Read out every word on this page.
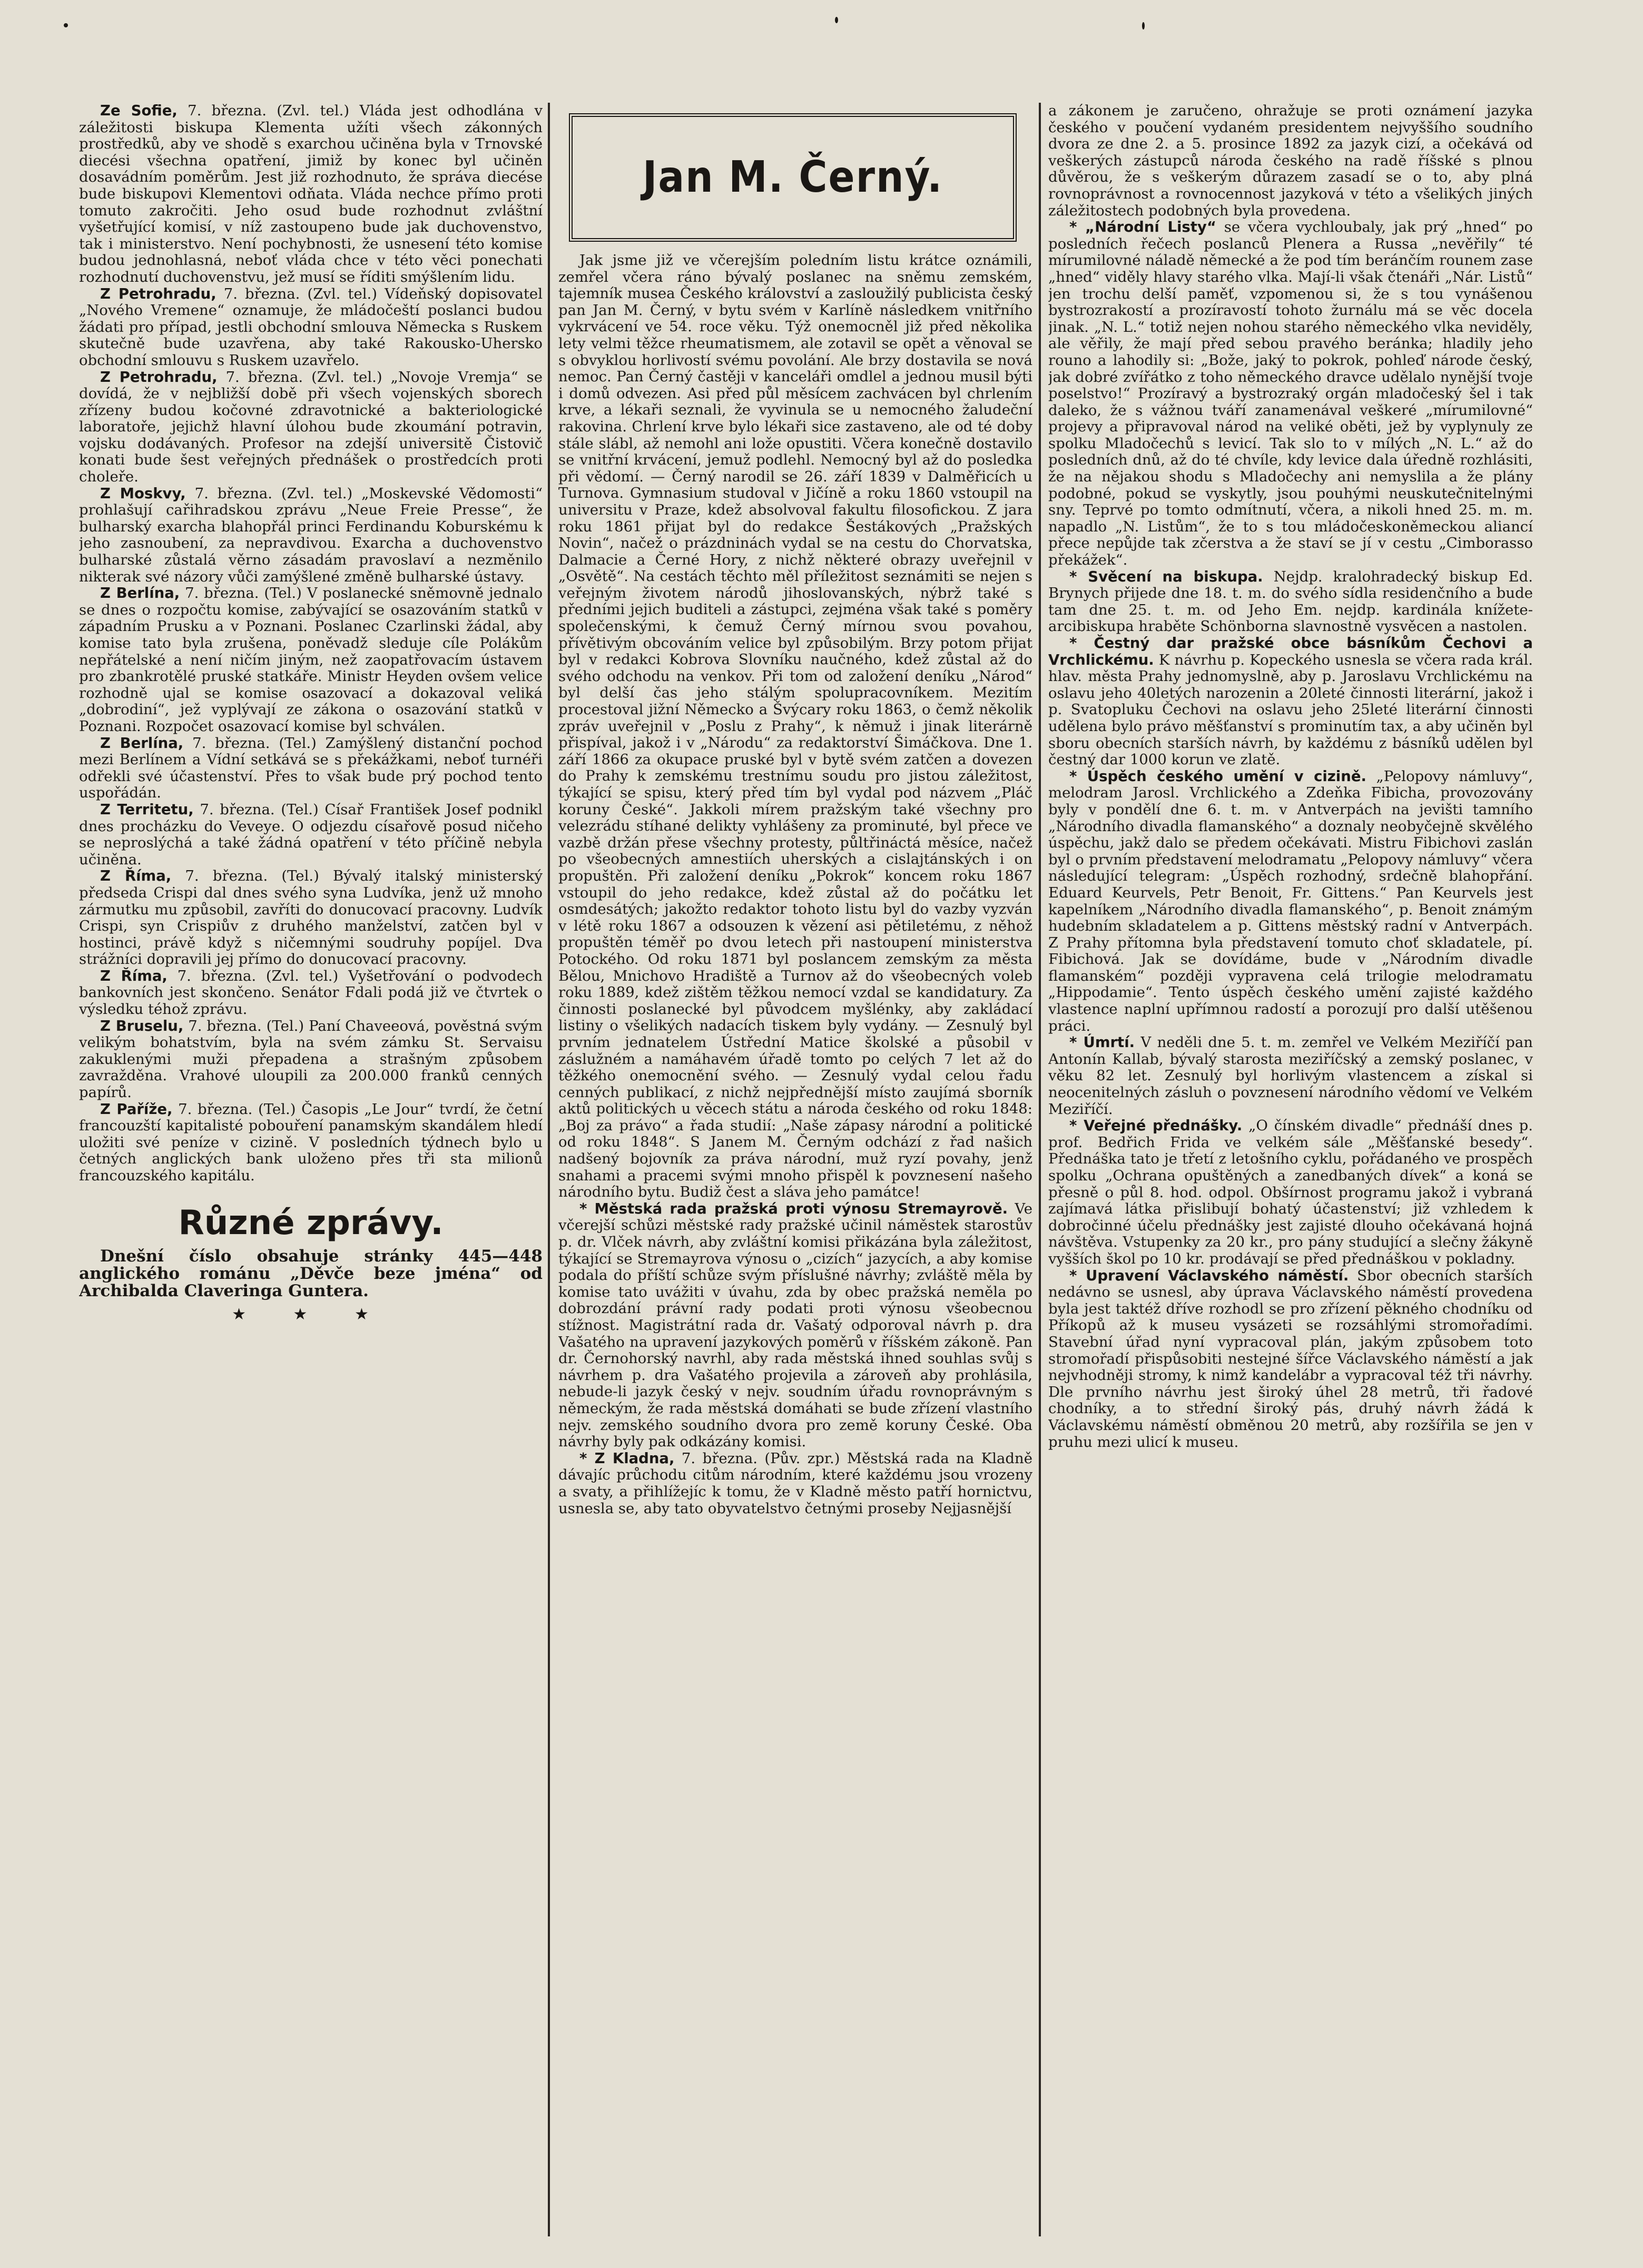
Ze Sofie, 7. března. (Zvl. tel.) Vláda jest odhodlána v záležitosti biskupa Klementa užíti všech zákonných prostředků, aby ve shodě s exarchou učiněna byla v Trnovské diecési všechna opatření, jimiž by konec byl učiněn dosavádním poměrům. Jest již rozhodnuto, že správa diecése bude biskupovi Klementovi odňata. Vláda nechce přímo proti tomuto zakročiti. Jeho osud bude rozhodnut zvláštní vyšetřující komisí, v níž zastoupeno bude jak duchovenstvo, tak i ministerstvo. Není pochybnosti, že usnesení této komise budou jednohlasná, neboť vláda chce v této věci ponechati rozhodnutí duchovenstvu, jež musí se říditi smýšlením lidu.

Z Petrohradu, 7. března. (Zvl. tel.) Vídeňský dopisovatel „Nového Vremene“ oznamuje, že mládočeští poslanci budou žádati pro případ, jestli obchodní smlouva Německa s Ruskem skutečně bude uzavřena, aby také Rakousko-Uhersko obchodní smlouvu s Ruskem uzavřelo.

Z Petrohradu, 7. března. (Zvl. tel.) „Novoje Vremja“ se dovídá, že v nejbližší době při všech vojenských sborech zřízeny budou kočovné zdravotnické a bakteriologické laboratoře, jejichž hlavní úlohou bude zkoumání potravin, vojsku dodávaných. Profesor na zdejší universitě Čistovič konati bude šest veřejných přednášek o prostředcích proti choleře.

Z Moskvy, 7. března. (Zvl. tel.) „Moskevské Vědomosti“ prohlašují cařihradskou zprávu „Neue Freie Presse“, že bulharský exarcha blahopřál princi Ferdinandu Koburskému k jeho zasnoubení, za nepravdivou. Exarcha a duchovenstvo bulharské zůstalá věrno zásadám pravoslaví a nezměnilo nikterak své názory vůči zamýšlené změně bulharské ústavy.

Z Berlína, 7. března. (Tel.) V poslanecké sněmovně jednalo se dnes o rozpočtu komise, zabývající se osazováním statků v západním Prusku a v Poznani. Poslanec Czarlinski žádal, aby komise tato byla zrušena, poněvadž sleduje cíle Polákům nepřátelské a není ničím jiným, než zaopatřovacím ústavem pro zbankrotělé pruské statkáře. Ministr Heyden ovšem velice rozhodně ujal se komise osazovací a dokazoval veliká „dobrodiní“, jež vyplývají ze zákona o osazování statků v Poznani. Rozpočet osazovací komise byl schválen.

Z Berlína, 7. března. (Tel.) Zamýšlený distanční pochod mezi Berlínem a Vídní setkává se s překážkami, neboť turnéři odřekli své účastenství. Přes to však bude prý pochod tento uspořádán.

Z Territetu, 7. března. (Tel.) Císař František Josef podnikl dnes procházku do Veveye. O odjezdu císařově posud ničeho se neproslýchá a také žádná opatření v této příčině nebyla učiněna.

Z Říma, 7. března. (Tel.) Bývalý italský ministerský předseda Crispi dal dnes svého syna Ludvíka, jenž už mnoho zármutku mu způsobil, zavříti do donucovací pracovny. Ludvík Crispi, syn Crispiův z druhého manželství, zatčen byl v hostinci, právě když s ničemnými soudruhy popíjel. Dva strážníci dopravili jej přímo do donucovací pracovny.

Z Říma, 7. března. (Zvl. tel.) Vyšetřování o podvodech bankovních jest skončeno. Senátor Fdali podá již ve čtvrtek o výsledku téhož zprávu.

Z Bruselu, 7. března. (Tel.) Paní Chaveeová, pověstná svým velikým bohatstvím, byla na svém zámku St. Servaisu zakuklenými muži přepadena a strašným způsobem zavražděna. Vrahové uloupili za 200.000 franků cenných papírů.

Z Paříže, 7. března. (Tel.) Časopis „Le Jour“ tvrdí, že četní francouzští kapitalisté pobouření panamským skandálem hledí uložiti své peníze v cizině. V posledních týdnech bylo u četných anglických bank uloženo přes tři sta milionů francouzského kapitálu.

Různé zprávy.
Dnešní číslo obsahuje stránky 445—448 anglického románu „Děvče beze jména“ od Archibalda Claveringa Guntera.
★ ★ ★
Jan M. Černý.

Jak jsme již ve včerejším poledním listu krátce oznámili, zemřel včera ráno bývalý poslanec na sněmu zemském, tajemník musea Českého království a zasloužilý publicista český pan Jan M. Černý, v bytu svém v Karlíně následkem vnitřního vykrvácení ve 54. roce věku. Týž onemocněl již před několika lety velmi těžce rheumatismem, ale zotavil se opět a věnoval se s obvyklou horlivostí svému povolání. Ale brzy dostavila se nová nemoc. Pan Černý častěji v kanceláři omdlel a jednou musil býti i domů odvezen. Asi před půl měsícem zachvácen byl chrlením krve, a lékaři seznali, že vyvinula se u nemocného žaludeční rakovina. Chrlení krve bylo lékaři sice zastaveno, ale od té doby stále slábl, až nemohl ani lože opustiti. Včera konečně dostavilo se vnitřní krvácení, jemuž podlehl. Nemocný byl až do posledka při vědomí. — Černý narodil se 26. září 1839 v Dalměřicích u Turnova. Gymnasium studoval v Jičíně a roku 1860 vstoupil na universitu v Praze, kdež absolvoval fakultu filosofickou. Z jara roku 1861 přijat byl do redakce Šestákových „Pražských Novin“, načež o prázdninách vydal se na cestu do Chorvatska, Dalmacie a Černé Hory, z nichž některé obrazy uveřejnil v „Osvětě“. Na cestách těchto měl příležitost seznámiti se nejen s veřejným životem národů jihoslovanských, nýbrž také s předními jejich buditeli a zástupci, zejména však také s poměry společenskými, k čemuž Černý mírnou svou povahou, přívětivým obcováním velice byl způsobilým. Brzy potom přijat byl v redakci Kobrova Slovníku naučného, kdež zůstal až do svého odchodu na venkov. Při tom od založení deníku „Národ“ byl delší čas jeho stálým spolupracovníkem. Mezitím procestoval jižní Německo a Švýcary roku 1863, o čemž několik zpráv uveřejnil v „Poslu z Prahy“, k němuž i jinak literárně přispíval, jakož i v „Národu“ za redaktorství Šimáčkova. Dne 1. září 1866 za okupace pruské byl v bytě svém zatčen a dovezen do Prahy k zemskému trestnímu soudu pro jistou záležitost, týkající se spisu, který před tím byl vydal pod názvem „Pláč koruny České“. Jakkoli mírem pražským také všechny pro velezrádu stíhané delikty vyhlášeny za prominuté, byl přece ve vazbě držán přese všechny protesty, půltřináctá měsíce, načež po všeobecných amnestiích uherských a cislajtánských i on propuštěn. Při založení deníku „Pokrok“ koncem roku 1867 vstoupil do jeho redakce, kdež zůstal až do počátku let osmdesátých; jakožto redaktor tohoto listu byl do vazby vyzván v létě roku 1867 a odsouzen k vězení asi pětiletému, z něhož propuštěn téměř po dvou letech při nastoupení ministerstva Potockého. Od roku 1871 byl poslancem zemským za města Bělou, Mnichovo Hradiště a Turnov až do všeobecných voleb roku 1889, kdež zištěm těžkou nemocí vzdal se kandidatury. Za činnosti poslanecké byl původcem myšlénky, aby zakládací listiny o všelikých nadacích tiskem byly vydány. — Zesnulý byl prvním jednatelem Ústřední Matice školské a působil v záslužném a namáhavém úřadě tomto po celých 7 let až do těžkého onemocnění svého. — Zesnulý vydal celou řadu cenných publikací, z nichž nejpřednější místo zaujímá sborník aktů politických u věcech státu a národa českého od roku 1848: „Boj za právo“ a řada studií: „Naše zápasy národní a politické od roku 1848“. S Janem M. Černým odchází z řad našich nadšený bojovník za práva národní, muž ryzí povahy, jenž snahami a pracemi svými mnoho přispěl k povznesení našeho národního bytu. Budiž čest a sláva jeho památce!

* Městská rada pražská proti výnosu Stremayrově. Ve včerejší schůzi městské rady pražské učinil náměstek starostův p. dr. Vlček návrh, aby zvláštní komisi přikázána byla záležitost, týkající se Stremayrova výnosu o „cizích“ jazycích, a aby komise podala do příští schůze svým příslušné návrhy; zvláště měla by komise tato uvážiti v úvahu, zda by obec pražská neměla po dobrozdání právní rady podati proti výnosu všeobecnou stížnost. Magistrátní rada dr. Vašatý odporoval návrh p. dra Vašatého na upravení jazykových poměrů v říšském zákoně. Pan dr. Černohorský navrhl, aby rada městská ihned souhlas svůj s návrhem p. dra Vašatého projevila a zároveň aby prohlásila, nebude-li jazyk český v nejv. soudním úřadu rovnoprávným s německým, že rada městská domáhati se bude zřízení vlastního nejv. zemského soudního dvora pro země koruny České. Oba návrhy byly pak odkázány komisi.

* Z Kladna, 7. března. (Pův. zpr.) Městská rada na Kladně dávajíc průchodu citům národním, které každému jsou vrozeny a svaty, a přihlížejíc k tomu, že v Kladně město patří hornictvu, usnesla se, aby tato obyvatelstvo četnými proseby Nejjasnější

a zákonem je zaručeno, ohražuje se proti oznámení jazyka českého v poučení vydaném presidentem nejvyššího soudního dvora ze dne 2. a 5. prosince 1892 za jazyk cizí, a očekává od veškerých zástupců národa českého na radě říšské s plnou důvěrou, že s veškerým důrazem zasadí se o to, aby plná rovnoprávnost a rovnocennost jazyková v této a všelikých jiných záležitostech podobných byla provedena.

* „Národní Listy“ se včera vychloubaly, jak prý „hned“ po posledních řečech poslanců Plenera a Russa „nevěřily“ té mírumilovné náladě německé a že pod tím beránčím rounem zase „hned“ viděly hlavy starého vlka. Mají-li však čtenáři „Nár. Listů“ jen trochu delší paměť, vzpomenou si, že s tou vynášenou bystrozrakostí a prozíravostí tohoto žurnálu má se věc docela jinak. „N. L.“ totiž nejen nohou starého německého vlka neviděly, ale věřily, že mají před sebou pravého beránka; hladily jeho rouno a lahodily si: „Bože, jaký to pokrok, pohleď národe český, jak dobré zvířátko z toho německého dravce udělalo nynější tvoje poselstvo!“ Prozíravý a bystrozraký orgán mladočeský šel i tak daleko, že s vážnou tváří zanamenával veškeré „mírumilovné“ projevy a připravoval národ na veliké oběti, jež by vyplynuly ze spolku Mladočechů s levicí. Tak slo to v mílých „N. L.“ až do posledních dnů, až do té chvíle, kdy levice dala úředně rozhlásiti, že na nějakou shodu s Mladočechy ani nemyslila a že plány podobné, pokud se vyskytly, jsou pouhými neuskutečnitelnými sny. Teprvé po tomto odmítnutí, včera, a nikoli hned 25. m. m. napadlo „N. Listům“, že to s tou mládočeskoněmeckou aliancí přece nepůjde tak zčerstva a že staví se jí v cestu „Cimborasso překážek“.

* Svěcení na biskupa. Nejdp. kralohradecký biskup Ed. Brynych přijede dne 18. t. m. do svého sídla residenčního a bude tam dne 25. t. m. od Jeho Em. nejdp. kardinála knížete-arcibiskupa hraběte Schönborna slavnostně vysvěcen a nastolen.

* Čestný dar pražské obce básníkům Čechovi a Vrchlickému. K návrhu p. Kopeckého usnesla se včera rada král. hlav. města Prahy jednomyslně, aby p. Jaroslavu Vrchlickému na oslavu jeho 40letých narozenin a 20leté činnosti literární, jakož i p. Svatopluku Čechovi na oslavu jeho 25leté literární činnosti udělena bylo právo měšťanství s prominutím tax, a aby učiněn byl sboru obecních starších návrh, by každému z básníků udělen byl čestný dar 1000 korun ve zlatě.

* Úspěch českého umění v cizině. „Pelopovy námluvy“, melodram Jarosl. Vrchlického a Zdeňka Fibicha, provozovány byly v pondělí dne 6. t. m. v Antverpách na jevišti tamního „Národního divadla flamanského“ a doznaly neobyčejně skvělého úspěchu, jakž dalo se předem očekávati. Mistru Fibichovi zaslán byl o prvním představení melodramatu „Pelopovy námluvy“ včera následující telegram: „Úspěch rozhodný, srdečně blahopřání. Eduard Keurvels, Petr Benoit, Fr. Gittens.“ Pan Keurvels jest kapelníkem „Národního divadla flamanského“, p. Benoit známým hudebním skladatelem a p. Gittens městský radní v Antverpách. Z Prahy přítomna byla představení tomuto choť skladatele, pí. Fibichová. Jak se dovídáme, bude v „Národním divadle flamanském“ později vypravena celá trilogie melodramatu „Hippodamie“. Tento úspěch českého umění zajisté každého vlastence naplní upřímnou radostí a porozují pro další utěšenou práci.

* Úmrtí. V neděli dne 5. t. m. zemřel ve Velkém Meziříčí pan Antonín Kallab, bývalý starosta meziříčský a zemský poslanec, v věku 82 let. Zesnulý byl horlivým vlastencem a získal si neocenitelných zásluh o povznesení národního vědomí ve Velkém Meziříčí.

* Veřejné přednášky. „O čínském divadle“ přednáší dnes p. prof. Bedřich Frida ve velkém sále „Měšťanské besedy“. Přednáška tato je třetí z letošního cyklu, pořádaného ve prospěch spolku „Ochrana opuštěných a zanedbaných dívek“ a koná se přesně o půl 8. hod. odpol. Obšírnost programu jakož i vybraná zajímavá látka přislibují bohatý účastenství; již vzhledem k dobročinné účelu přednášky jest zajisté dlouho očekávaná hojná návštěva. Vstupenky za 20 kr., pro pány studující a slečny žákyně vyšších škol po 10 kr. prodávají se před přednáškou v pokladny.

* Upravení Václavského náměstí. Sbor obecních starších nedávno se usnesl, aby úprava Václavského náměstí provedena byla jest taktéž dříve rozhodl se pro zřízení pěkného chodníku od Příkopů až k museu vysázeti se rozsáhlými stromořadími. Stavební úřad nyní vypracoval plán, jakým způsobem toto stromořadí přispůsobiti nestejné šířce Václavského náměstí a jak nejvhodněji stromy, k nimž kandelábr a vypracoval též tři návrhy. Dle prvního návrhu jest široký úhel 28 metrů, tři řadové chodníky, a to střední široký pás, druhý návrh žádá k Václavskému náměstí obměnou 20 metrů, aby rozšířila se jen v pruhu mezi ulicí k museu.
